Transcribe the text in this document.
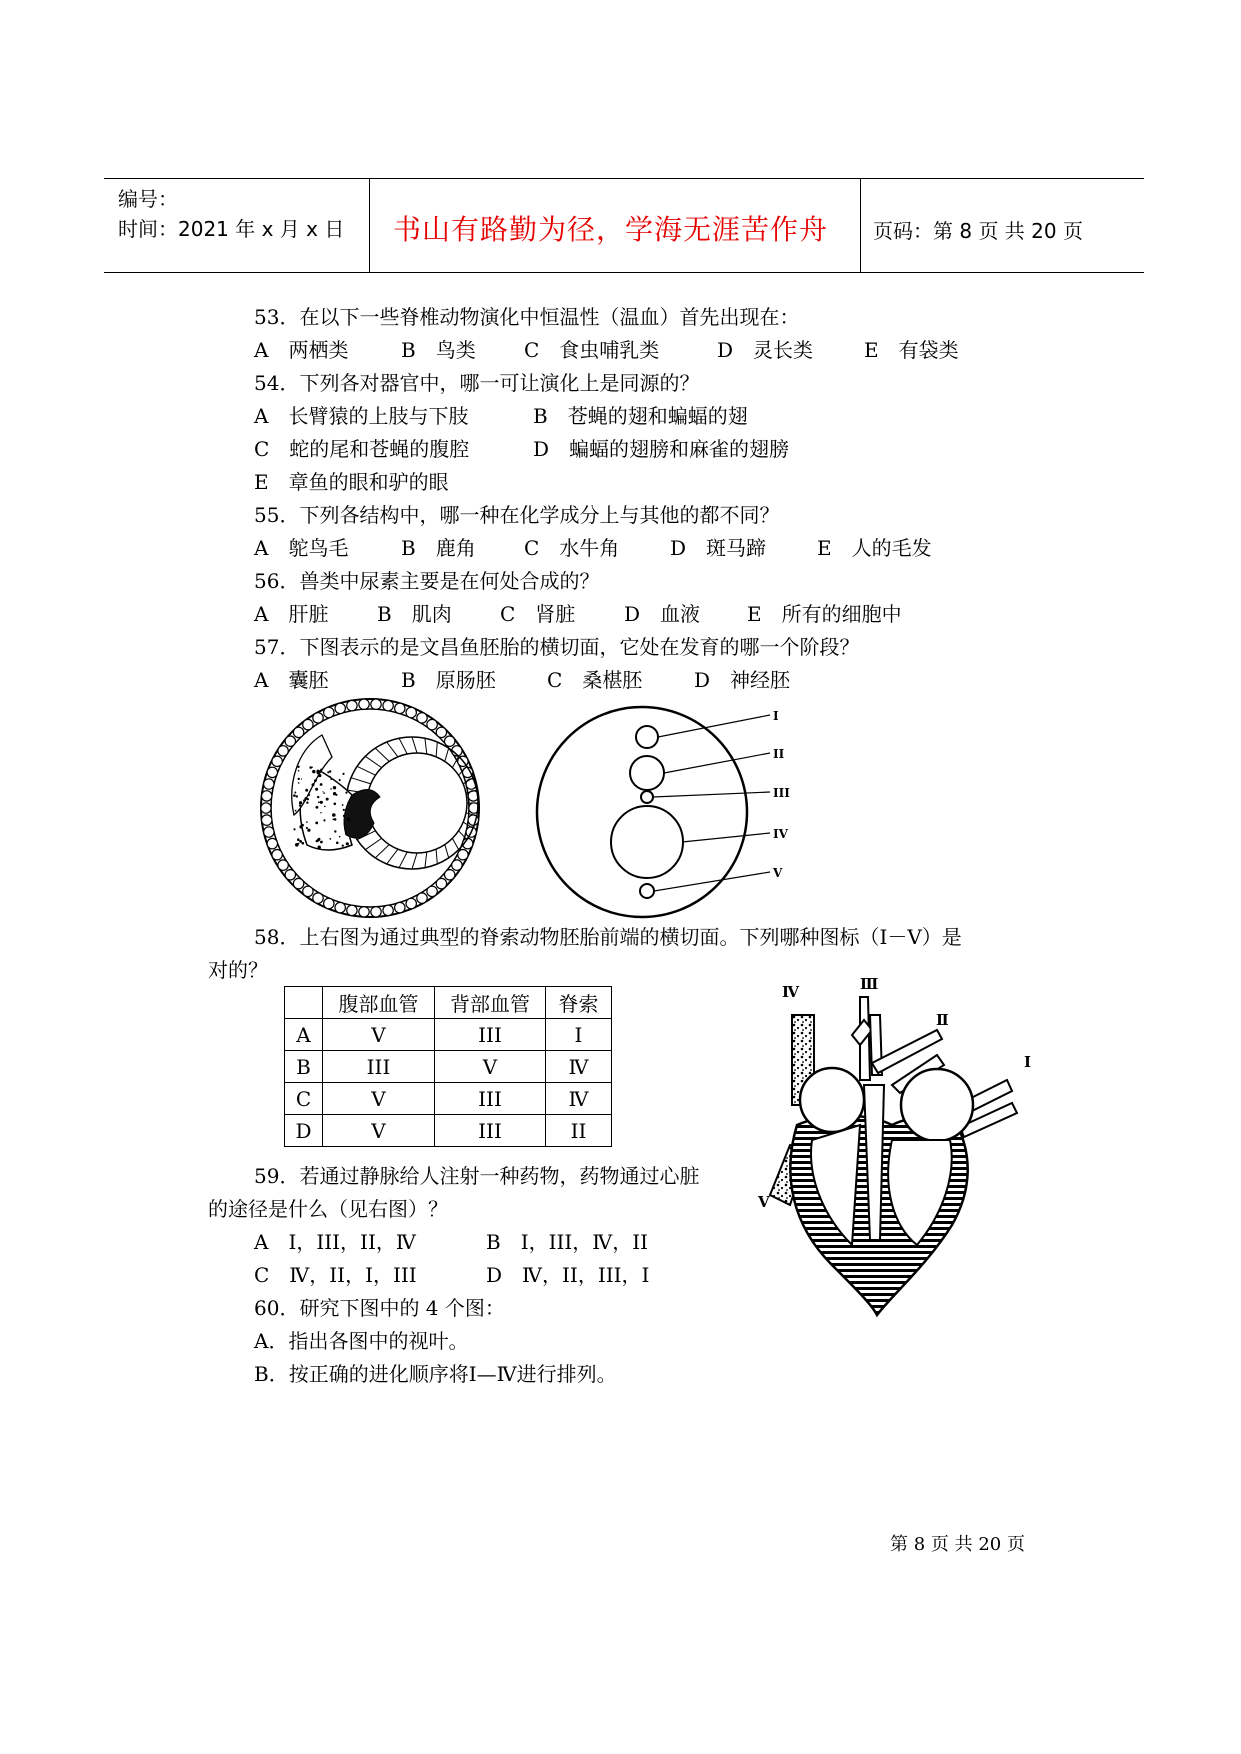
编号：
时间：2021 年 x 月 x 日 书山有路勤为径，学海无涯苦作舟 页码：第 8 页 共 20 页
53．在以下一些脊椎动物演化中恒温性（温血）首先出现在：
A　两栖类	B　鸟类 C　食虫哺乳类	D　灵长类	E　有袋类
54．下列各对器官中，哪一可让演化上是同源的？
A　长臂猿的上肢与下肢	B　苍蝇的翅和蝙蝠的翅
C　蛇的尾和苍蝇的腹腔	D　蝙蝠的翅膀和麻雀的翅膀
E　章鱼的眼和驴的眼
55．下列各结构中，哪一种在化学成分上与其他的都不同？
A　鸵鸟毛	B　鹿角 C　水牛角	D　斑马蹄	E　人的毛发
56．兽类中尿素主要是在何处合成的？
A　肝脏 B　肌肉 C　肾脏 D　血液 E　所有的细胞中
57．下图表示的是文昌鱼胚胎的横切面，它处在发育的哪一个阶段？
A　囊胚	B　原肠胚	C　桑椹胚	D　神经胚
I
II
III
IV
V
58．上右图为通过典型的脊索动物胚胎前端的横切面。下列哪种图标（Ⅰ－Ⅴ）是
对的？
	腹部血管	背部血管	脊索
A	V	III	I
B	III	V	Ⅳ
C	V	III	Ⅳ
D	V	III	II
Ⅳ	Ⅲ
Ⅱ
Ⅰ
Ⅴ
59．若通过静脉给人注射一种药物，药物通过心脏
的途径是什么（见右图）？
A　Ⅰ，III，II，Ⅳ	B　Ⅰ，III，Ⅳ，II
C　Ⅳ，II，Ⅰ，III	D　Ⅳ，II，III，Ⅰ
60．研究下图中的 4 个图：
A．指出各图中的视叶。
B．按正确的进化顺序将Ⅰ—Ⅳ进行排列。
第 8 页 共 20 页
